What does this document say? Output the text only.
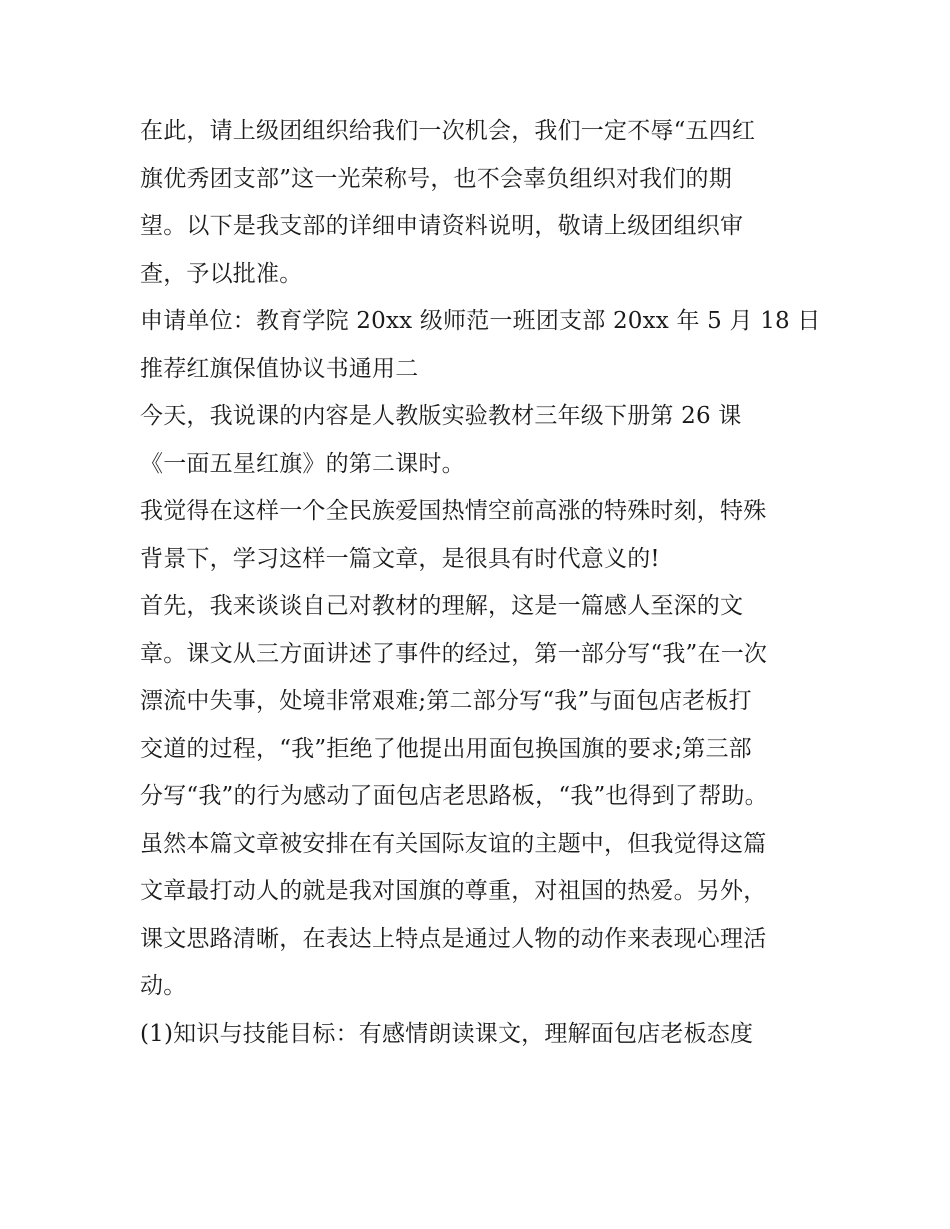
在此，请上级团组织给我们一次机会，我们一定不辱“五四红
旗优秀团支部”这一光荣称号，也不会辜负组织对我们的期
望。以下是我支部的详细申请资料说明，敬请上级团组织审
查，予以批准。

申请单位：教育学院 20xx 级师范一班团支部 20xx 年 5 月 18 日

推荐红旗保值协议书通用二

今天，我说课的内容是人教版实验教材三年级下册第 26 课
《一面五星红旗》的第二课时。

我觉得在这样一个全民族爱国热情空前高涨的特殊时刻，特殊
背景下，学习这样一篇文章，是很具有时代意义的!

首先，我来谈谈自己对教材的理解，这是一篇感人至深的文
章。课文从三方面讲述了事件的经过，第一部分写“我”在一次
漂流中失事，处境非常艰难;第二部分写“我”与面包店老板打
交道的过程，“我”拒绝了他提出用面包换国旗的要求;第三部
分写“我”的行为感动了面包店老思路板，“我”也得到了帮助。

虽然本篇文章被安排在有关国际友谊的主题中，但我觉得这篇
文章最打动人的就是我对国旗的尊重，对祖国的热爱。另外，
课文思路清晰，在表达上特点是通过人物的动作来表现心理活
动。

(1)知识与技能目标：有感情朗读课文，理解面包店老板态度
